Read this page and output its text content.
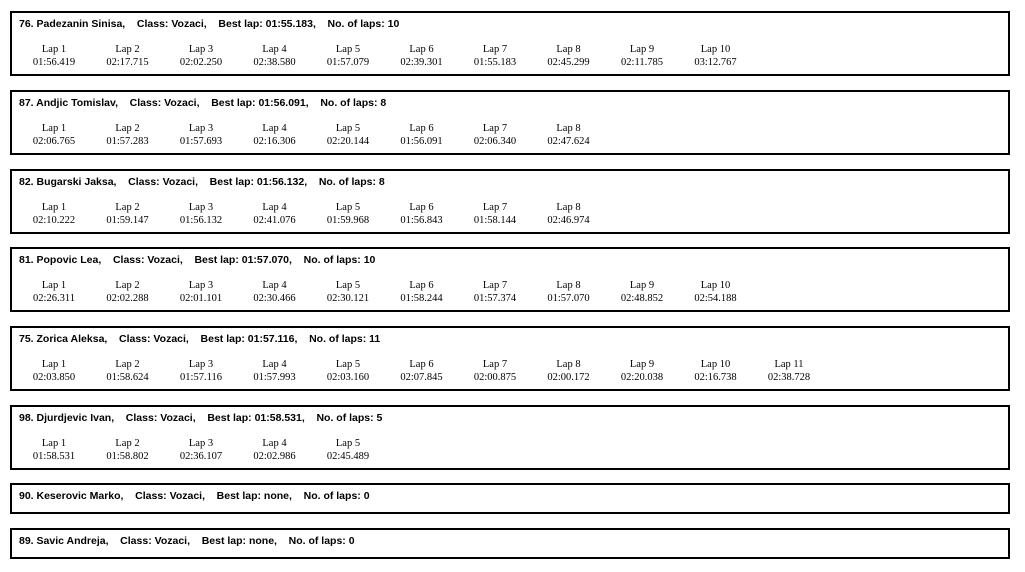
76. Padezanin Sinisa,    Class: Vozaci,    Best lap: 01:55.183,    No. of laps: 10
Lap 1
01:56.419
Lap 2
02:17.715
Lap 3
02:02.250
Lap 4
02:38.580
Lap 5
01:57.079
Lap 6
02:39.301
Lap 7
01:55.183
Lap 8
02:45.299
Lap 9
02:11.785
Lap 10
03:12.767
87. Andjic Tomislav,    Class: Vozaci,    Best lap: 01:56.091,    No. of laps: 8
Lap 1
02:06.765
Lap 2
01:57.283
Lap 3
01:57.693
Lap 4
02:16.306
Lap 5
02:20.144
Lap 6
01:56.091
Lap 7
02:06.340
Lap 8
02:47.624
82. Bugarski Jaksa,    Class: Vozaci,    Best lap: 01:56.132,    No. of laps: 8
Lap 1
02:10.222
Lap 2
01:59.147
Lap 3
01:56.132
Lap 4
02:41.076
Lap 5
01:59.968
Lap 6
01:56.843
Lap 7
01:58.144
Lap 8
02:46.974
81. Popovic Lea,    Class: Vozaci,    Best lap: 01:57.070,    No. of laps: 10
Lap 1
02:26.311
Lap 2
02:02.288
Lap 3
02:01.101
Lap 4
02:30.466
Lap 5
02:30.121
Lap 6
01:58.244
Lap 7
01:57.374
Lap 8
01:57.070
Lap 9
02:48.852
Lap 10
02:54.188
75. Zorica Aleksa,    Class: Vozaci,    Best lap: 01:57.116,    No. of laps: 11
Lap 1
02:03.850
Lap 2
01:58.624
Lap 3
01:57.116
Lap 4
01:57.993
Lap 5
02:03.160
Lap 6
02:07.845
Lap 7
02:00.875
Lap 8
02:00.172
Lap 9
02:20.038
Lap 10
02:16.738
Lap 11
02:38.728
98. Djurdjevic Ivan,    Class: Vozaci,    Best lap: 01:58.531,    No. of laps: 5
Lap 1
01:58.531
Lap 2
01:58.802
Lap 3
02:36.107
Lap 4
02:02.986
Lap 5
02:45.489
90. Keserovic Marko,    Class: Vozaci,    Best lap: none,    No. of laps: 0
89. Savic Andreja,    Class: Vozaci,    Best lap: none,    No. of laps: 0
